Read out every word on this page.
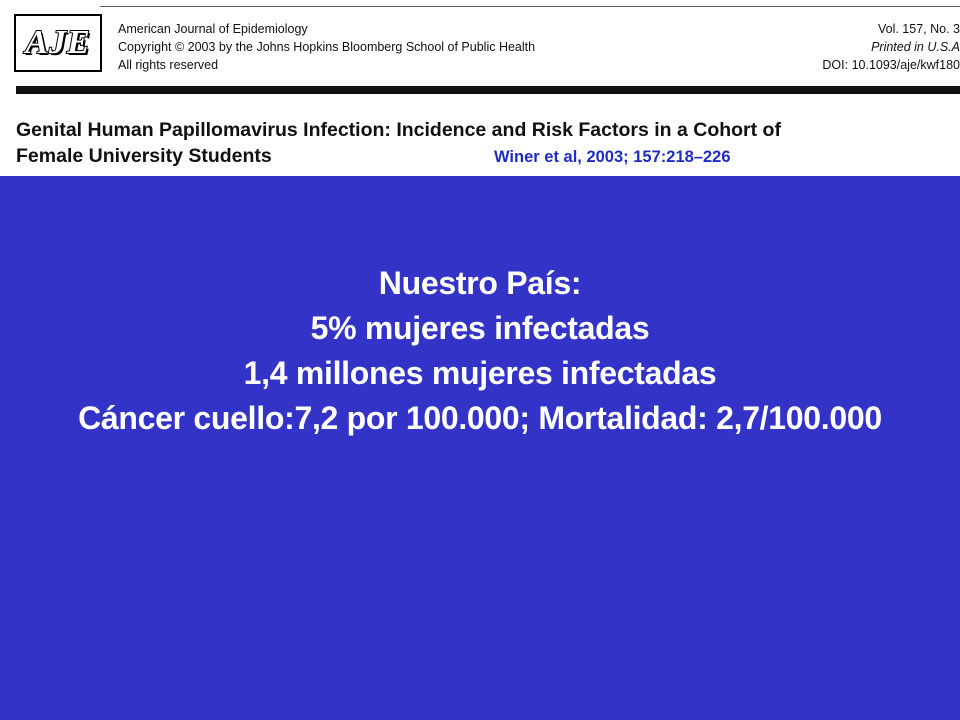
AJE American Journal of Epidemiology
Copyright © 2003 by the Johns Hopkins Bloomberg School of Public Health
All rights reserved
Vol. 157, No. 3
Printed in U.S.A
DOI: 10.1093/aje/kwf180
Genital Human Papillomavirus Infection: Incidence and Risk Factors in a Cohort of
Female University Students	Winer et al, 2003; 157:218–226
Nuestro País:
5% mujeres infectadas
1,4 millones mujeres infectadas
Cáncer cuello:7,2 por 100.000; Mortalidad: 2,7/100.000
